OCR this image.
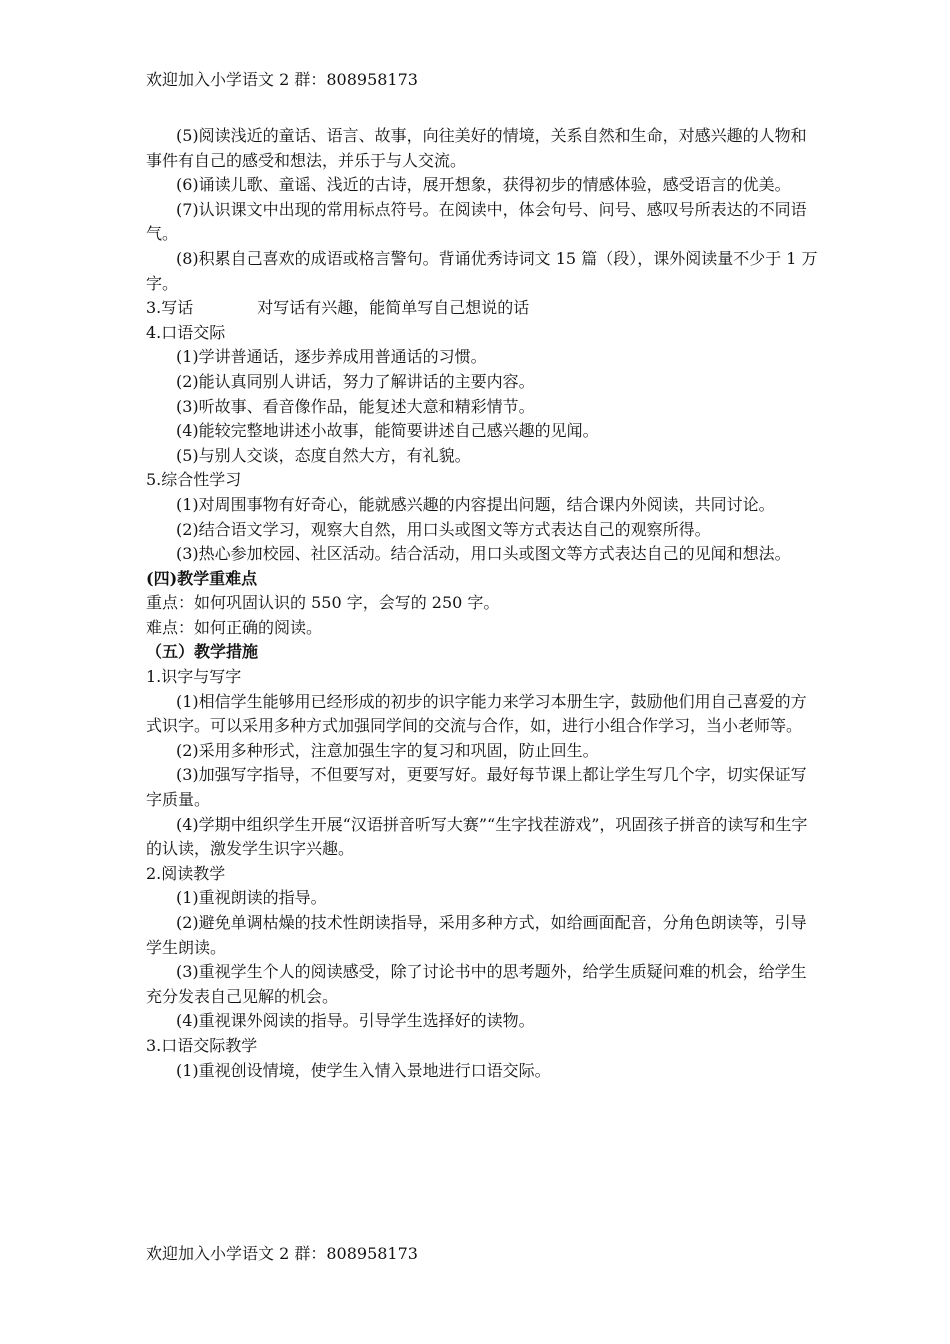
欢迎加入小学语文 2 群：808958173

(5)阅读浅近的童话、语言、故事，向往美好的情境，关系自然和生命，对感兴趣的人物和事件有自己的感受和想法，并乐于与人交流。

(6)诵读儿歌、童谣、浅近的古诗，展开想象，获得初步的情感体验，感受语言的优美。

(7)认识课文中出现的常用标点符号。在阅读中，体会句号、问号、感叹号所表达的不同语气。

(8)积累自己喜欢的成语或格言警句。背诵优秀诗词文 15 篇（段），课外阅读量不少于 1 万字。

3.写话	对写话有兴趣，能简单写自己想说的话

4.口语交际

(1)学讲普通话，逐步养成用普通话的习惯。

(2)能认真同别人讲话，努力了解讲话的主要内容。

(3)听故事、看音像作品，能复述大意和精彩情节。

(4)能较完整地讲述小故事，能简要讲述自己感兴趣的见闻。

(5)与别人交谈，态度自然大方，有礼貌。

5.综合性学习

(1)对周围事物有好奇心，能就感兴趣的内容提出问题，结合课内外阅读，共同讨论。

(2)结合语文学习，观察大自然，用口头或图文等方式表达自己的观察所得。

(3)热心参加校园、社区活动。结合活动，用口头或图文等方式表达自己的见闻和想法。

(四)教学重难点

重点：如何巩固认识的 550 字，会写的 250 字。

难点：如何正确的阅读。

（五）教学措施

1.识字与写字

(1)相信学生能够用已经形成的初步的识字能力来学习本册生字，鼓励他们用自己喜爱的方式识字。可以采用多种方式加强同学间的交流与合作，如，进行小组合作学习，当小老师等。

(2)采用多种形式，注意加强生字的复习和巩固，防止回生。

(3)加强写字指导，不但要写对，更要写好。最好每节课上都让学生写几个字，切实保证写字质量。

(4)学期中组织学生开展“汉语拼音听写大赛”“生字找茬游戏”，巩固孩子拼音的读写和生字的认读，激发学生识字兴趣。

2.阅读教学

(1)重视朗读的指导。

(2)避免单调枯燥的技术性朗读指导，采用多种方式，如给画面配音，分角色朗读等，引导学生朗读。

(3)重视学生个人的阅读感受，除了讨论书中的思考题外，给学生质疑问难的机会，给学生充分发表自己见解的机会。

(4)重视课外阅读的指导。引导学生选择好的读物。

3.口语交际教学

(1)重视创设情境，使学生入情入景地进行口语交际。

欢迎加入小学语文 2 群：808958173
